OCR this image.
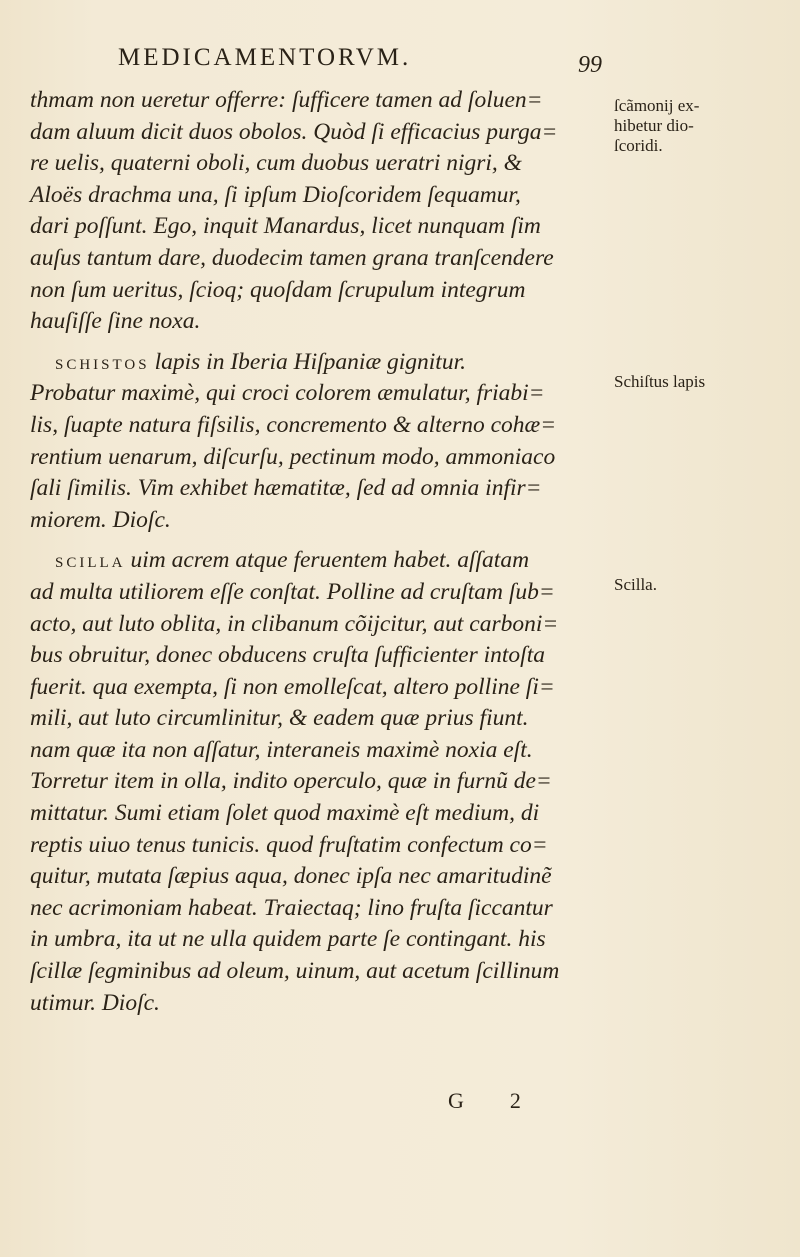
MEDICAMENTORVM.	99
thmam non ueretur offerre: ſufficere tamen ad ſoluen=
dam aluum dicit duos obolos. Quòd ſi efficacius purga=
re uelis, quaterni oboli, cum duobus ueratri nigri, &
Aloës drachma una, ſi ipſum Dioſcoridem ſequamur,
dari poſſunt. Ego, inquit Manardus, licet nunquam ſim
auſus tantum dare, duodecim tamen grana tranſcendere
non ſum ueritus, ſcioq; quoſdam ſcrupulum integrum
hauſiſſe ſine noxa.
SCHISTOS lapis in Iberia Hiſpaniæ gignitur.
Probatur maximè, qui croci colorem æmulatur, friabi=
lis, ſuapte natura fiſsilis, concremento & alterno cohæ=
rentium uenarum, diſcurſu, pectinum modo, ammoniaco
ſali ſimilis. Vim exhibet hæmatitæ, ſed ad omnia infir=
miorem. Dioſc.
SCILLA uim acrem atque feruentem habet. aſſatam
ad multa utiliorem eſſe conſtat. Polline ad cruſtam ſub=
acto, aut luto oblita, in clibanum cõijcitur, aut carboni=
bus obruitur, donec obducens cruſta ſufficienter intoſta
fuerit. qua exempta, ſi non emolleſcat, altero polline ſi=
mili, aut luto circumlinitur, & eadem quæ prius fiunt.
nam quæ ita non aſſatur, interaneis maximè noxia eſt.
Torretur item in olla, indito operculo, quæ in furnũ de=
mittatur. Sumi etiam ſolet quod maximè eſt medium, di
reptis uiuo tenus tunicis. quod fruſtatim confectum co=
quitur, mutata ſæpius aqua, donec ipſa nec amaritudinẽ
nec acrimoniam habeat. Traiectaq; lino fruſta ſiccantur
in umbra, ita ut ne ulla quidem parte ſe contingant. his
ſcillæ ſegminibus ad oleum, uinum, aut acetum ſcillinum
utimur. Dioſc.
ſcãmonij ex-
hibetur dio-
ſcoridi.
Schiſtus lapis
Scilla.
G2
